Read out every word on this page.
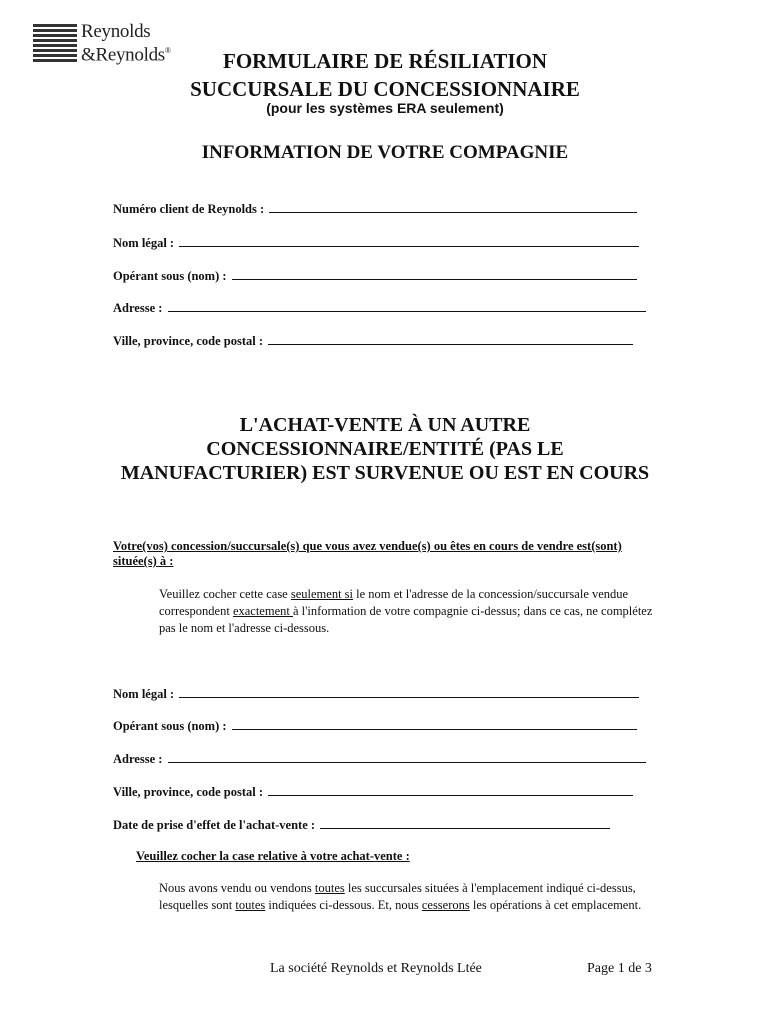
Reynolds
&Reynolds®	FORMULAIRE DE RÉSILIATION
SUCCURSALE DU CONCESSIONNAIRE
(pour les systèmes ERA seulement)
INFORMATION DE VOTRE COMPAGNIE
Numéro client de Reynolds :
Nom légal :
Opérant sous (nom) :
Adresse :
Ville, province, code postal :
L'ACHAT-VENTE À UN AUTRE
CONCESSIONNAIRE/ENTITÉ (PAS LE
MANUFACTURIER) EST SURVENUE OU EST EN COURS
Votre(vos) concession/succursale(s) que vous avez vendue(s) ou êtes en cours de vendre est(sont) située(s) à :
Veuillez cocher cette case seulement si le nom et l'adresse de la concession/succursale vendue correspondent exactement à l'information de votre compagnie ci-dessus; dans ce cas, ne complétez pas le nom et l'adresse ci-dessous.
Nom légal :
Opérant sous (nom) :
Adresse :
Ville, province, code postal :
Date de prise d'effet de l'achat-vente :
Veuillez cocher la case relative à votre achat-vente :
Nous avons vendu ou vendons toutes les succursales situées à l'emplacement indiqué ci-dessus, lesquelles sont toutes indiquées ci-dessous. Et, nous cesserons les opérations à cet emplacement.
La société Reynolds et Reynolds Ltée	Page 1 de 3
